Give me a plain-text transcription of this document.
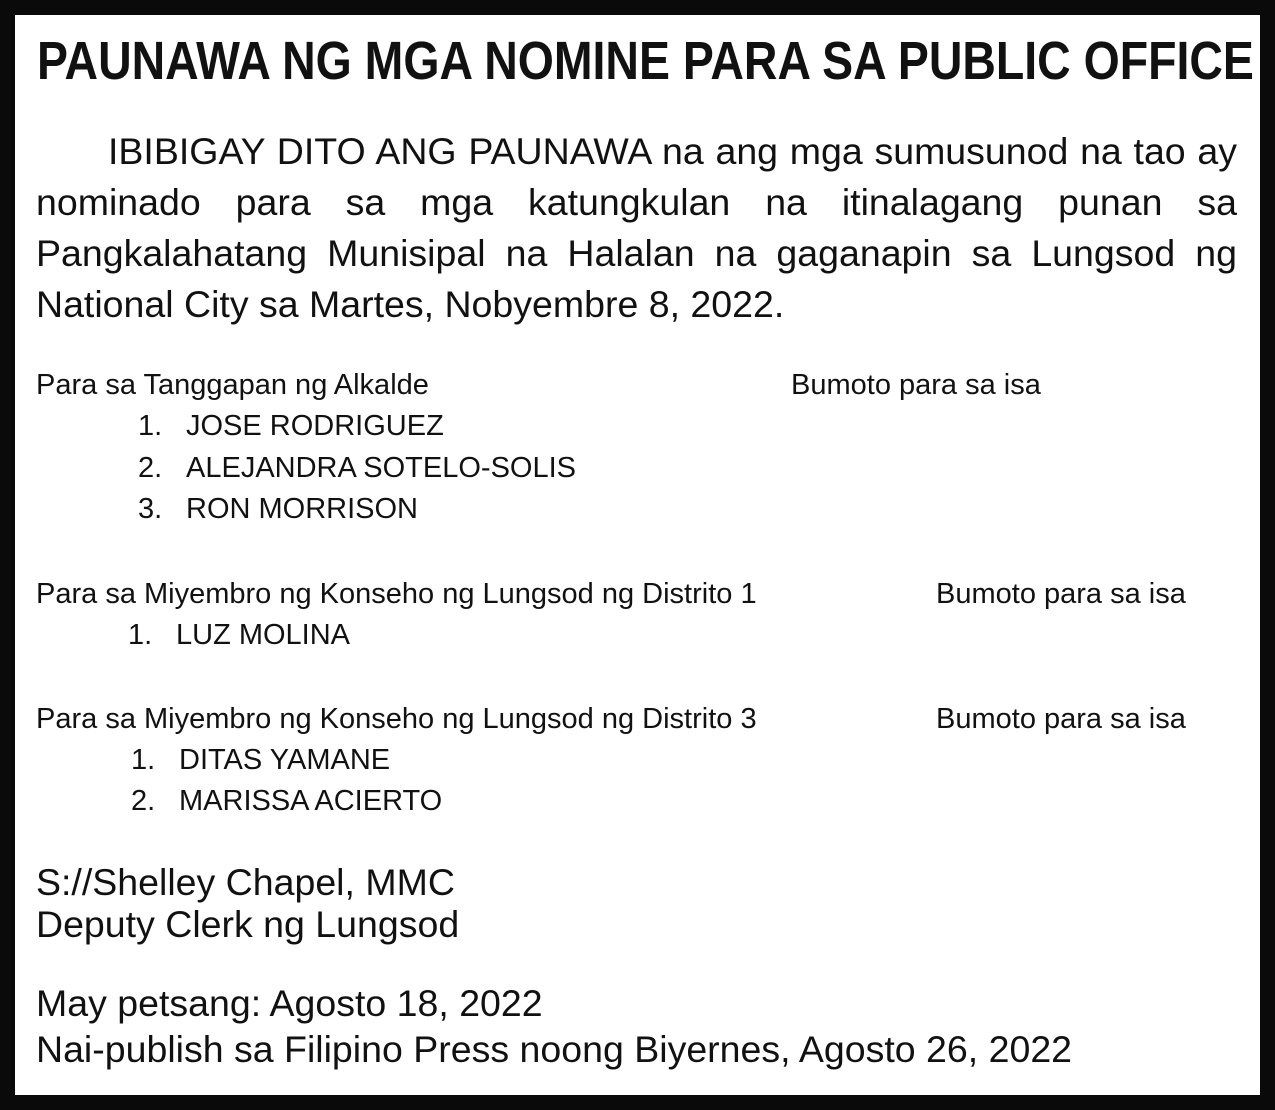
PAUNAWA NG MGA NOMINE PARA SA PUBLIC OFFICE

IBIBIGAY DITO ANG PAUNAWA na ang mga sumusunod na tao ay nominado para sa mga katungkulan na itinalagang punan sa Pangkalahatang Munisipal na Halalan na gaganapin sa Lungsod ng National City sa Martes, Nobyembre 8, 2022.

Para sa Tanggapan ng Alkalde	Bumoto para sa isa
1. JOSE RODRIGUEZ
2. ALEJANDRA SOTELO-SOLIS
3. RON MORRISON
Para sa Miyembro ng Konseho ng Lungsod ng Distrito 1	Bumoto para sa isa
1. LUZ MOLINA
Para sa Miyembro ng Konseho ng Lungsod ng Distrito 3	Bumoto para sa isa
1. DITAS YAMANE
2. MARISSA ACIERTO
S://Shelley Chapel, MMC
Deputy Clerk ng Lungsod
May petsang: Agosto 18, 2022
Nai-publish sa Filipino Press noong Biyernes, Agosto 26, 2022
